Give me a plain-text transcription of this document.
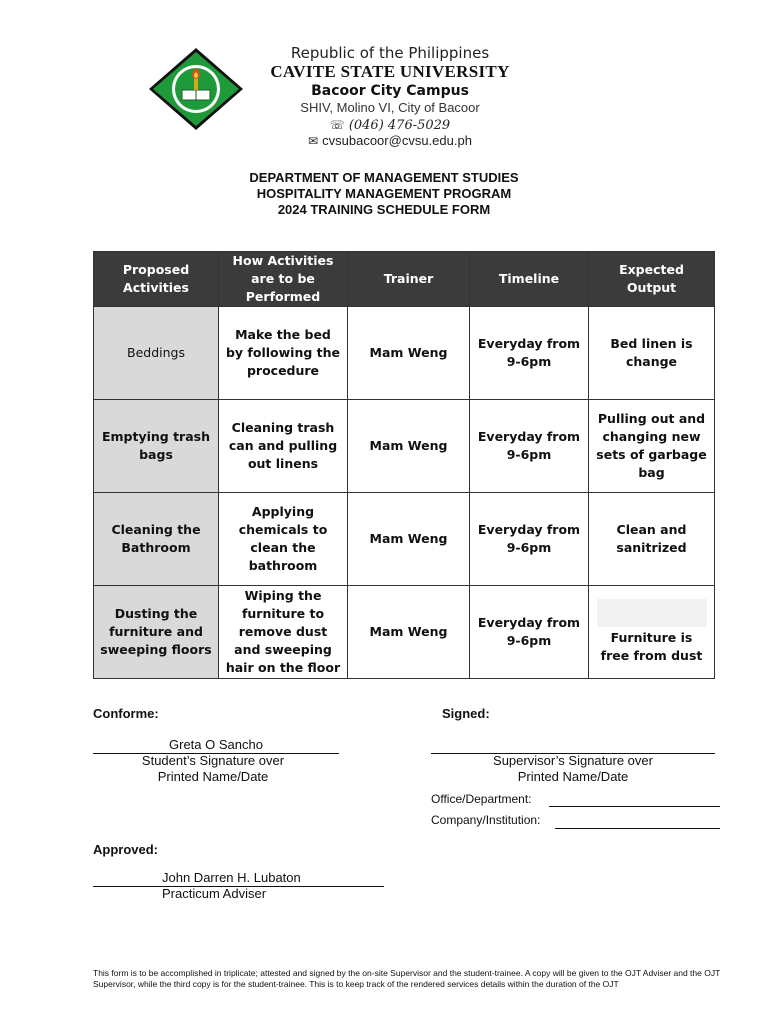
Republic of the Philippines
CAVITE STATE UNIVERSITY
Bacoor City Campus
SHIV, Molino VI, City of Bacoor
☏ (046) 476-5029
✉ cvsubacoor@cvsu.edu.ph
DEPARTMENT OF MANAGEMENT STUDIES
HOSPITALITY MANAGEMENT PROGRAM
2024 TRAINING SCHEDULE FORM
Proposed Activities	How Activities are to be Performed	Trainer	Timeline	Expected Output
Beddings	Make the bed by following the procedure	Mam Weng	Everyday from 9-6pm	Bed linen is change
Emptying trash bags	Cleaning trash can and pulling out linens	Mam Weng	Everyday from 9-6pm	Pulling out and changing new sets of garbage bag
Cleaning the Bathroom	Applying chemicals to clean the bathroom	Mam Weng	Everyday from 9-6pm	Clean and sanitrized
Dusting the furniture and sweeping floors	Wiping the furniture to remove dust and sweeping hair on the floor	Mam Weng	Everyday from 9-6pm	Furniture is free from dust
Conforme:
Greta O Sancho
Student’s Signature over
Printed Name/Date
Signed:
Supervisor’s Signature over
Printed Name/Date
Office/Department:
Company/Institution:
Approved:
John Darren H. Lubaton
Practicum Adviser
This form is to be accomplished in triplicate; attested and signed by the on-site Supervisor and the student-trainee. A copy will be given to the OJT Adviser and the OJT Supervisor, while the third copy is for the student-trainee. This is to keep track of the rendered services details within the duration of the OJT
